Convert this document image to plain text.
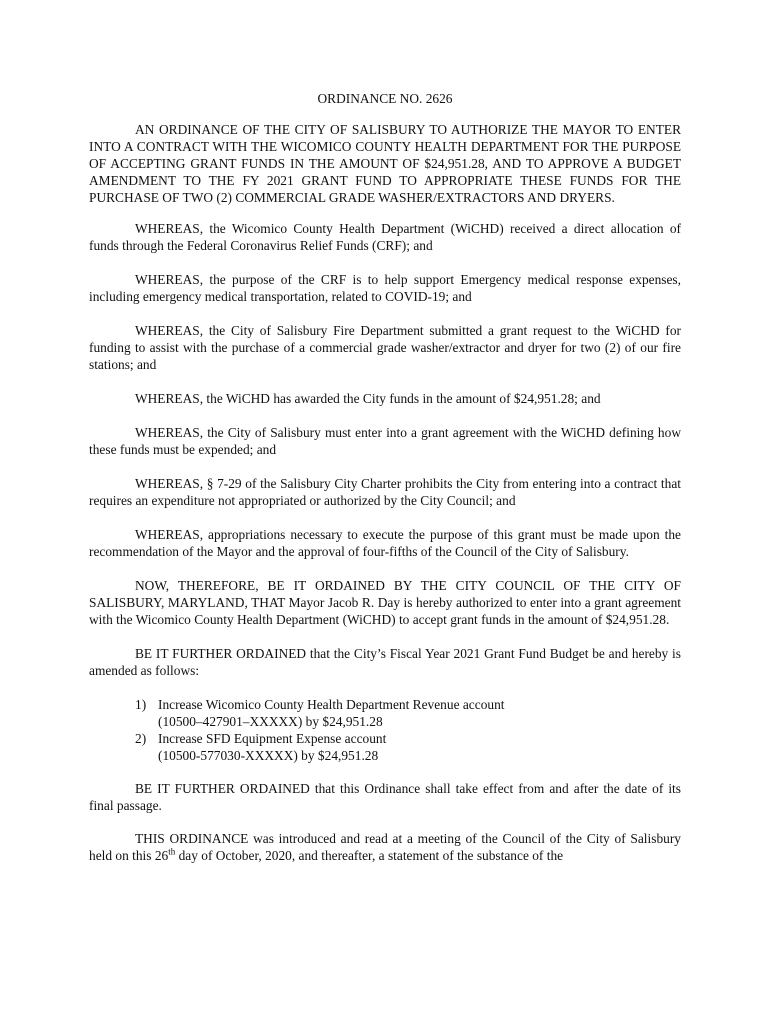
ORDINANCE NO. 2626

AN ORDINANCE OF THE CITY OF SALISBURY TO AUTHORIZE THE MAYOR TO ENTER INTO A CONTRACT WITH THE WICOMICO COUNTY HEALTH DEPARTMENT FOR THE PURPOSE OF ACCEPTING GRANT FUNDS IN THE AMOUNT OF $24,951.28, AND TO APPROVE A BUDGET AMENDMENT TO THE FY 2021 GRANT FUND TO APPROPRIATE THESE FUNDS FOR THE PURCHASE OF TWO (2) COMMERCIAL GRADE WASHER/EXTRACTORS AND DRYERS.

WHEREAS, the Wicomico County Health Department (WiCHD) received a direct allocation of funds through the Federal Coronavirus Relief Funds (CRF); and

WHEREAS, the purpose of the CRF is to help support Emergency medical response expenses, including emergency medical transportation, related to COVID-19; and

WHEREAS, the City of Salisbury Fire Department submitted a grant request to the WiCHD for funding to assist with the purchase of a commercial grade washer/extractor and dryer for two (2) of our fire stations; and

WHEREAS, the WiCHD has awarded the City funds in the amount of $24,951.28; and

WHEREAS, the City of Salisbury must enter into a grant agreement with the WiCHD defining how these funds must be expended; and

WHEREAS, § 7-29 of the Salisbury City Charter prohibits the City from entering into a contract that requires an expenditure not appropriated or authorized by the City Council; and

WHEREAS, appropriations necessary to execute the purpose of this grant must be made upon the recommendation of the Mayor and the approval of four-fifths of the Council of the City of Salisbury.

NOW, THEREFORE, BE IT ORDAINED BY THE CITY COUNCIL OF THE CITY OF SALISBURY, MARYLAND, THAT Mayor Jacob R. Day is hereby authorized to enter into a grant agreement with the Wicomico County Health Department (WiCHD) to accept grant funds in the amount of $24,951.28.

BE IT FURTHER ORDAINED that the City’s Fiscal Year 2021 Grant Fund Budget be and hereby is amended as follows:

1) Increase Wicomico County Health Department Revenue account
(10500–427901–XXXXX) by $24,951.28
2) Increase SFD Equipment Expense account
(10500-577030-XXXXX) by $24,951.28

BE IT FURTHER ORDAINED that this Ordinance shall take effect from and after the date of its final passage.

THIS ORDINANCE was introduced and read at a meeting of the Council of the City of Salisbury held on this 26th day of October, 2020, and thereafter, a statement of the substance of the
